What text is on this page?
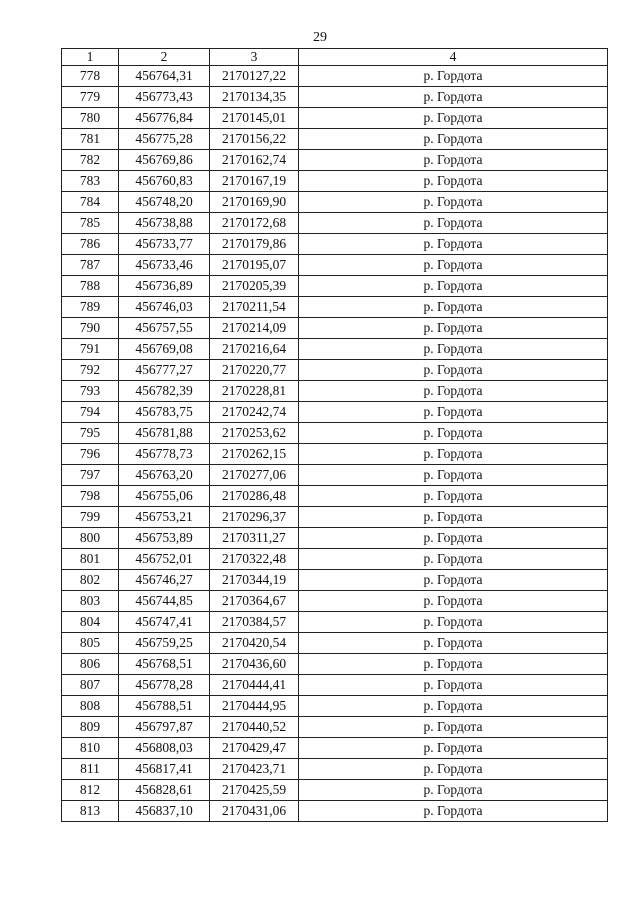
29
1	2	3	4
778	456764,31	2170127,22	р. Гордота
779	456773,43	2170134,35	р. Гордота
780	456776,84	2170145,01	р. Гордота
781	456775,28	2170156,22	р. Гордота
782	456769,86	2170162,74	р. Гордота
783	456760,83	2170167,19	р. Гордота
784	456748,20	2170169,90	р. Гордота
785	456738,88	2170172,68	р. Гордота
786	456733,77	2170179,86	р. Гордота
787	456733,46	2170195,07	р. Гордота
788	456736,89	2170205,39	р. Гордота
789	456746,03	2170211,54	р. Гордота
790	456757,55	2170214,09	р. Гордота
791	456769,08	2170216,64	р. Гордота
792	456777,27	2170220,77	р. Гордота
793	456782,39	2170228,81	р. Гордота
794	456783,75	2170242,74	р. Гордота
795	456781,88	2170253,62	р. Гордота
796	456778,73	2170262,15	р. Гордота
797	456763,20	2170277,06	р. Гордота
798	456755,06	2170286,48	р. Гордота
799	456753,21	2170296,37	р. Гордота
800	456753,89	2170311,27	р. Гордота
801	456752,01	2170322,48	р. Гордота
802	456746,27	2170344,19	р. Гордота
803	456744,85	2170364,67	р. Гордота
804	456747,41	2170384,57	р. Гордота
805	456759,25	2170420,54	р. Гордота
806	456768,51	2170436,60	р. Гордота
807	456778,28	2170444,41	р. Гордота
808	456788,51	2170444,95	р. Гордота
809	456797,87	2170440,52	р. Гордота
810	456808,03	2170429,47	р. Гордота
811	456817,41	2170423,71	р. Гордота
812	456828,61	2170425,59	р. Гордота
813	456837,10	2170431,06	р. Гордота
